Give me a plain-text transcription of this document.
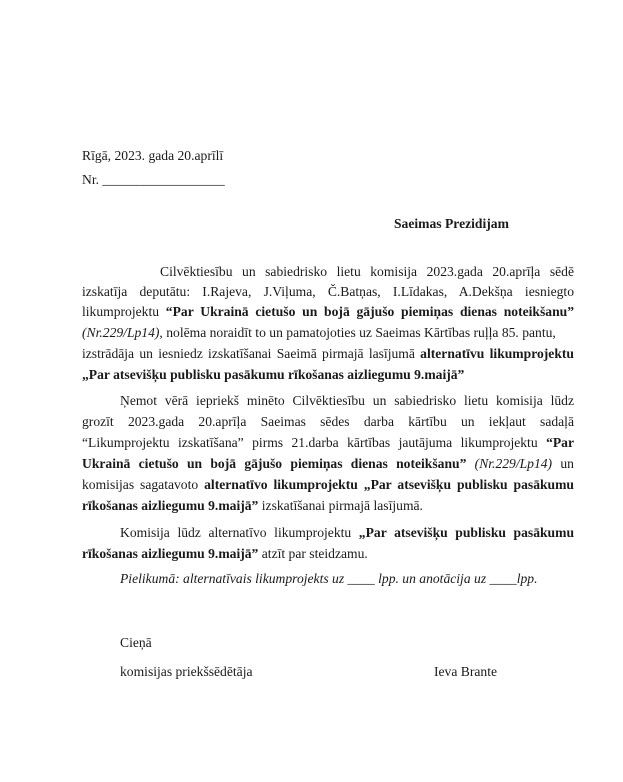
Rīgā, 2023. gada 20.aprīlī
Nr. __________________
Saeimas Prezidijam
Cilvēktiesību un sabiedrisko lietu komisija 2023.gada 20.aprīļa sēdē
izskatīja deputātu: I.Rajeva, J.Viļuma, Č.Batņas, I.Līdakas, A.Dekšņa iesniegto
likumprojektu “Par Ukrainā cietušo un bojā gājušo piemiņas dienas noteikšanu”
(Nr.229/Lp14), nolēma noraidīt to un pamatojoties uz Saeimas Kārtības ruļļa 85. pantu,
izstrādāja un iesniedz izskatīšanai Saeimā pirmajā lasījumā alternatīvu likumprojektu
„Par atsevišķu publisku pasākumu rīkošanas aizliegumu 9.maijā”
Ņemot vērā iepriekš minēto Cilvēktiesību un sabiedrisko lietu komisija lūdz
grozīt 2023.gada 20.aprīļa Saeimas sēdes darba kārtību un iekļaut sadaļā
“Likumprojektu izskatīšana” pirms 21.darba kārtības jautājuma likumprojektu “Par
Ukrainā cietušo un bojā gājušo piemiņas dienas noteikšanu” (Nr.229/Lp14) un
komisijas sagatavoto alternatīvo likumprojektu „Par atsevišķu publisku pasākumu
rīkošanas aizliegumu 9.maijā” izskatīšanai pirmajā lasījumā.
Komisija lūdz alternatīvo likumprojektu „Par atsevišķu publisku pasākumu
rīkošanas aizliegumu 9.maijā” atzīt par steidzamu.
Pielikumā: alternatīvais likumprojekts uz ____ lpp. un anotācija uz ____lpp.
Cieņā
komisijas priekšsēdētāja	Ieva Brante
